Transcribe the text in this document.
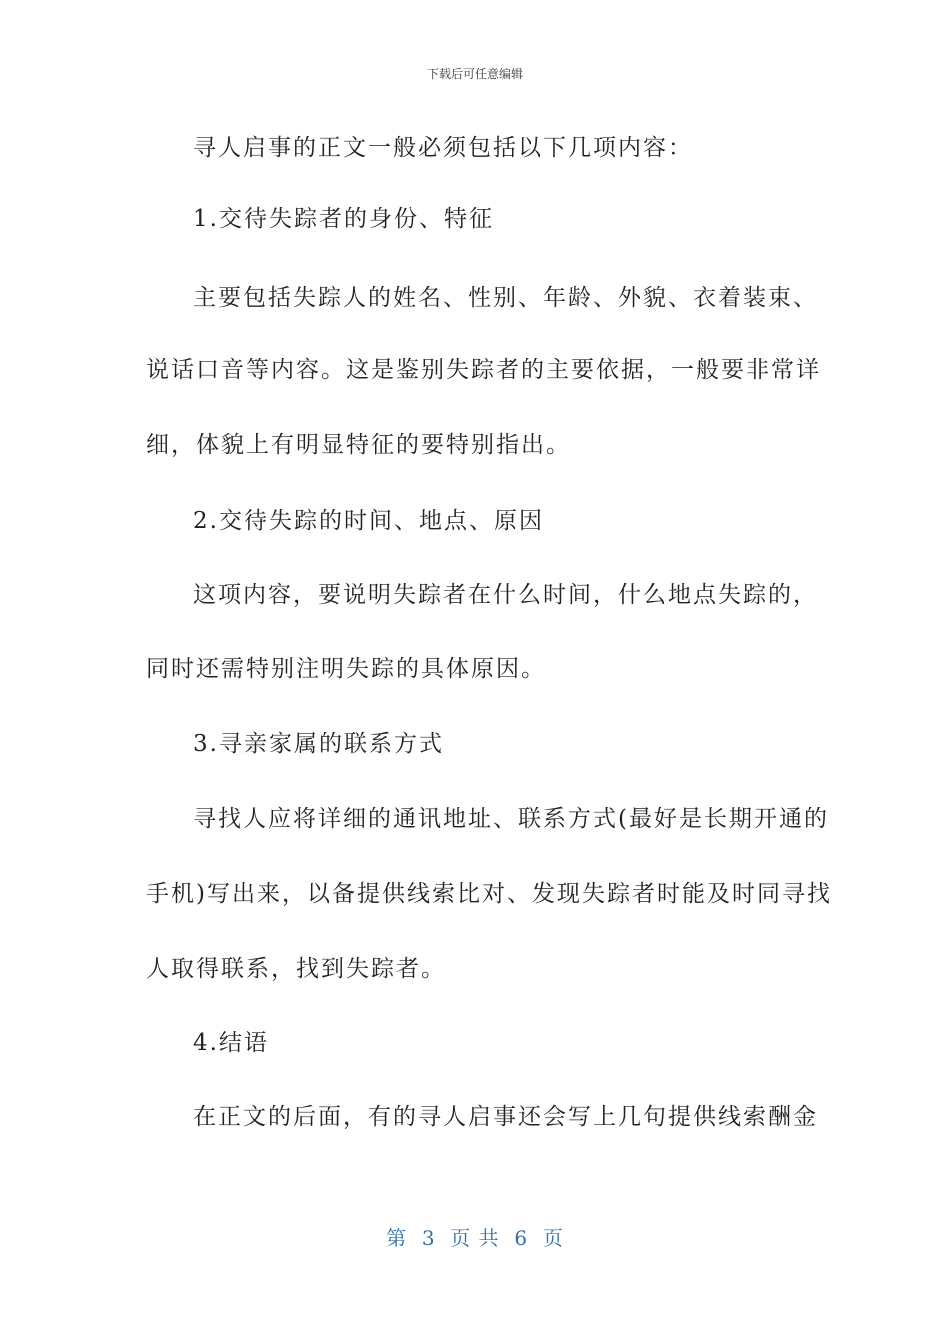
下载后可任意编辑
寻人启事的正文一般必须包括以下几项内容：
1.交待失踪者的身份、特征
主要包括失踪人的姓名、性别、年龄、外貌、衣着装束、
说话口音等内容。这是鉴别失踪者的主要依据，一般要非常详
细，体貌上有明显特征的要特别指出。
2.交待失踪的时间、地点、原因
这项内容，要说明失踪者在什么时间，什么地点失踪的，
同时还需特别注明失踪的具体原因。
3.寻亲家属的联系方式
寻找人应将详细的通讯地址、联系方式(最好是长期开通的
手机)写出来，以备提供线索比对、发现失踪者时能及时同寻找
人取得联系，找到失踪者。
4.结语
在正文的后面，有的寻人启事还会写上几句提供线索酬金
第  3  页 共  6  页
